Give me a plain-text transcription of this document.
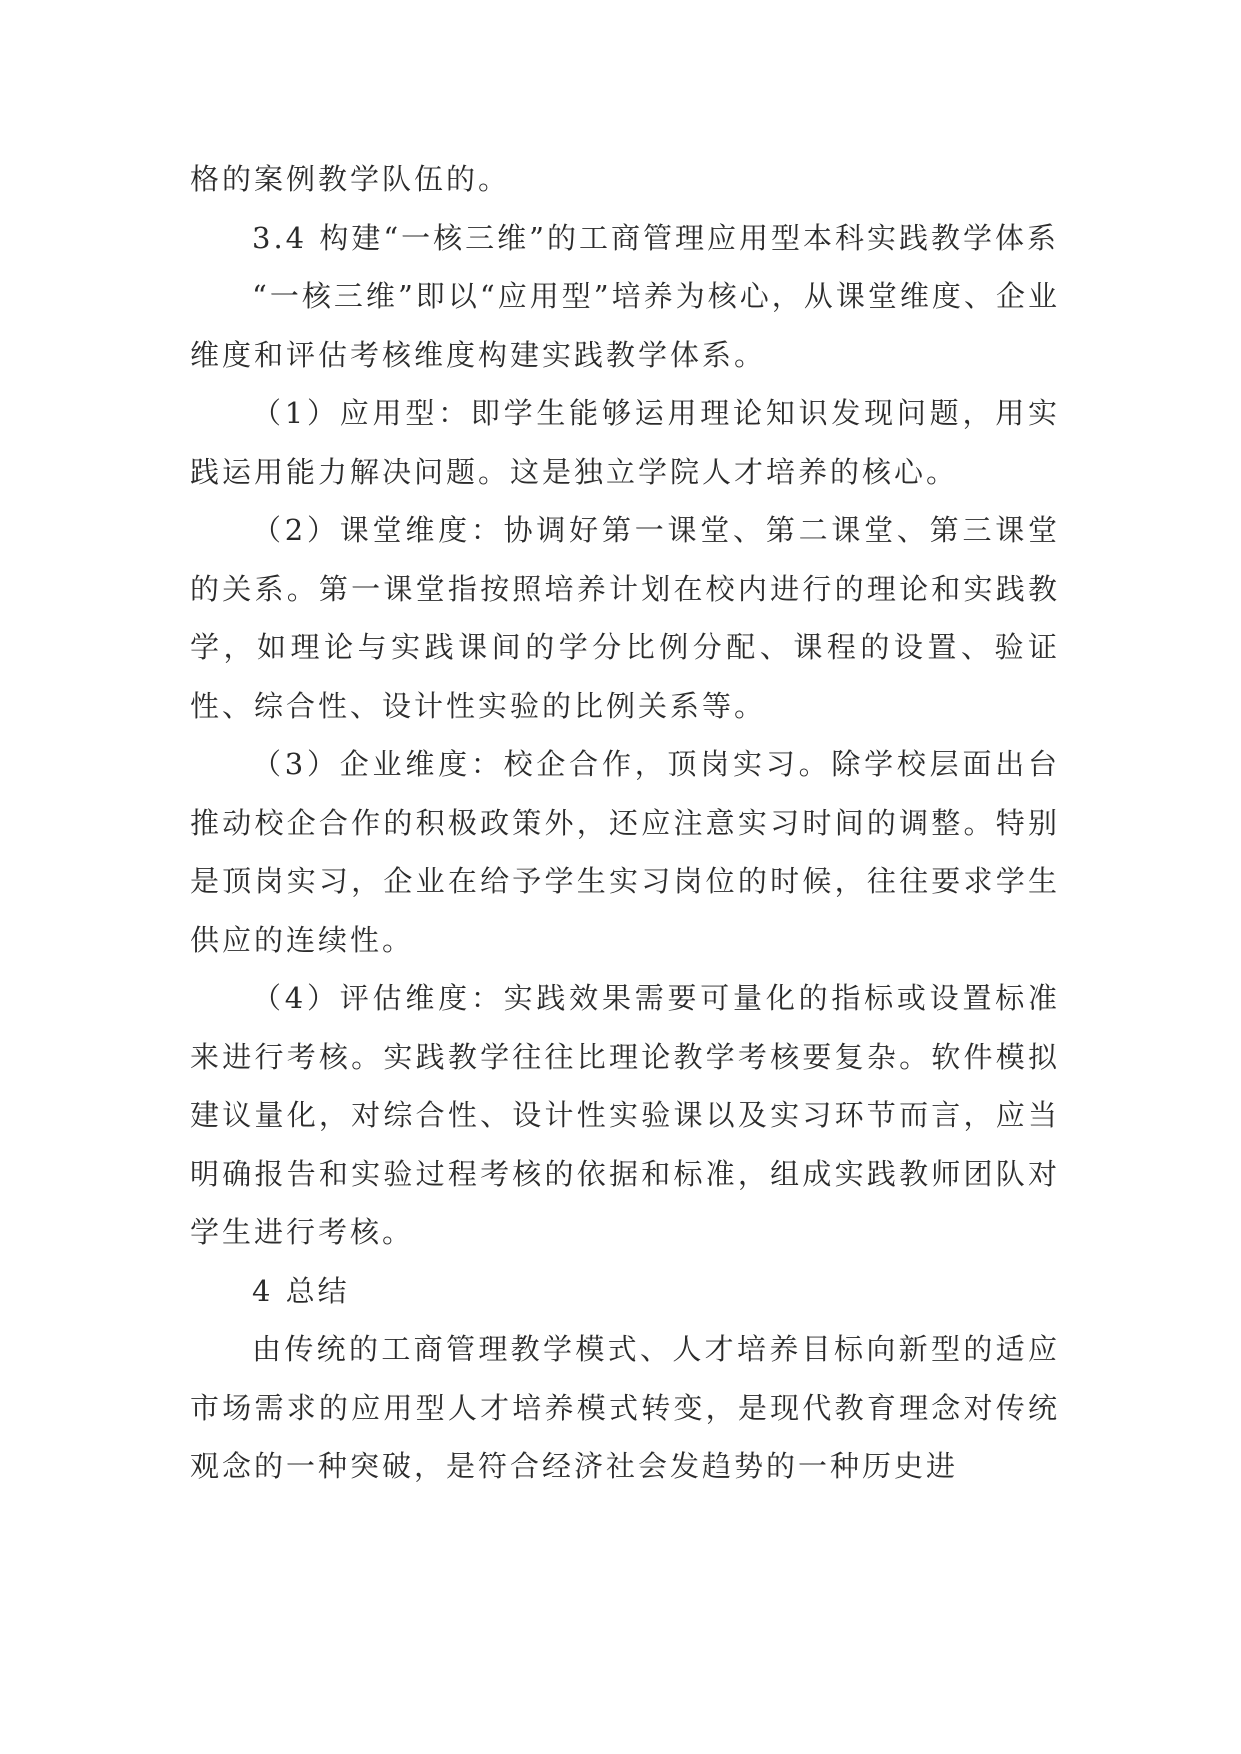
格的案例教学队伍的。

3.4 构建“一核三维”的工商管理应用型本科实践教学体系

“一核三维”即以“应用型”培养为核心，从课堂维度、企业维度和评估考核维度构建实践教学体系。

（1）应用型：即学生能够运用理论知识发现问题，用实践运用能力解决问题。这是独立学院人才培养的核心。

（2）课堂维度：协调好第一课堂、第二课堂、第三课堂的关系。第一课堂指按照培养计划在校内进行的理论和实践教学，如理论与实践课间的学分比例分配、课程的设置、验证性、综合性、设计性实验的比例关系等。

（3）企业维度：校企合作，顶岗实习。除学校层面出台推动校企合作的积极政策外，还应注意实习时间的调整。特别是顶岗实习，企业在给予学生实习岗位的时候，往往要求学生供应的连续性。

（4）评估维度：实践效果需要可量化的指标或设置标准来进行考核。实践教学往往比理论教学考核要复杂。软件模拟建议量化，对综合性、设计性实验课以及实习环节而言，应当明确报告和实验过程考核的依据和标准，组成实践教师团队对学生进行考核。

4 总结

由传统的工商管理教学模式、人才培养目标向新型的适应市场需求的应用型人才培养模式转变，是现代教育理念对传统观念的一种突破，是符合经济社会发趋势的一种历史进
